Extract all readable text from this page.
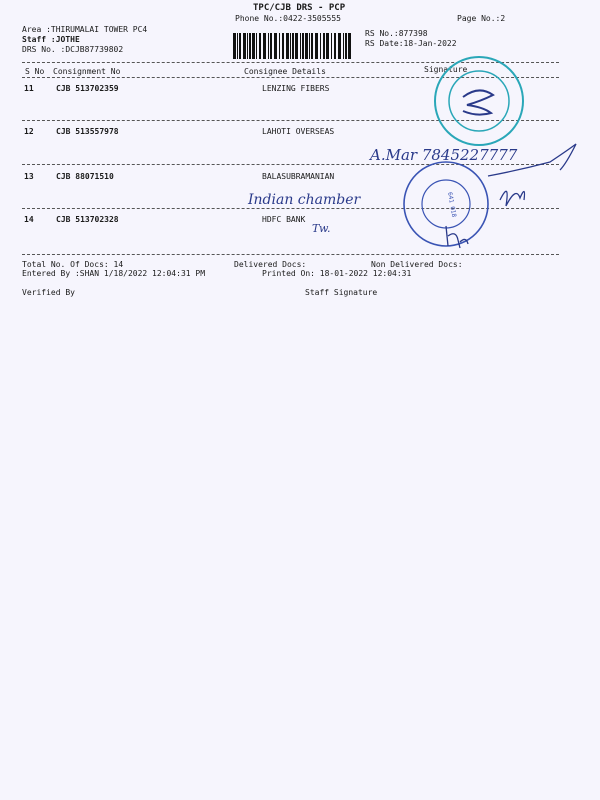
TPC/CJB DRS - PCP
Phone No.:0422-3505555	Page No.:2
Area :THIRUMALAI TOWER PC4
Staff :JOTHE
DRS No. :DCJB87739802
RS No.:877398
RS Date:18-Jan-2022
S No Consignment No	Consignee Details	Signature
11	CJB 513702359	LENZING FIBERS
12	CJB 513557978	LAHOTI OVERSEAS
13	CJB 88071510	BALASUBRAMANIAN
14	CJB 513702328	HDFC BANK
Total No. Of Docs: 14	Delivered Docs:	Non Delivered Docs:
Entered By :SHAN 1/18/2022 12:04:31 PM	Printed On: 18-01-2022 12:04:31
Verified By	Staff Signature
641 018
A.Mar 7845227777
Indian chamber
Tw.
